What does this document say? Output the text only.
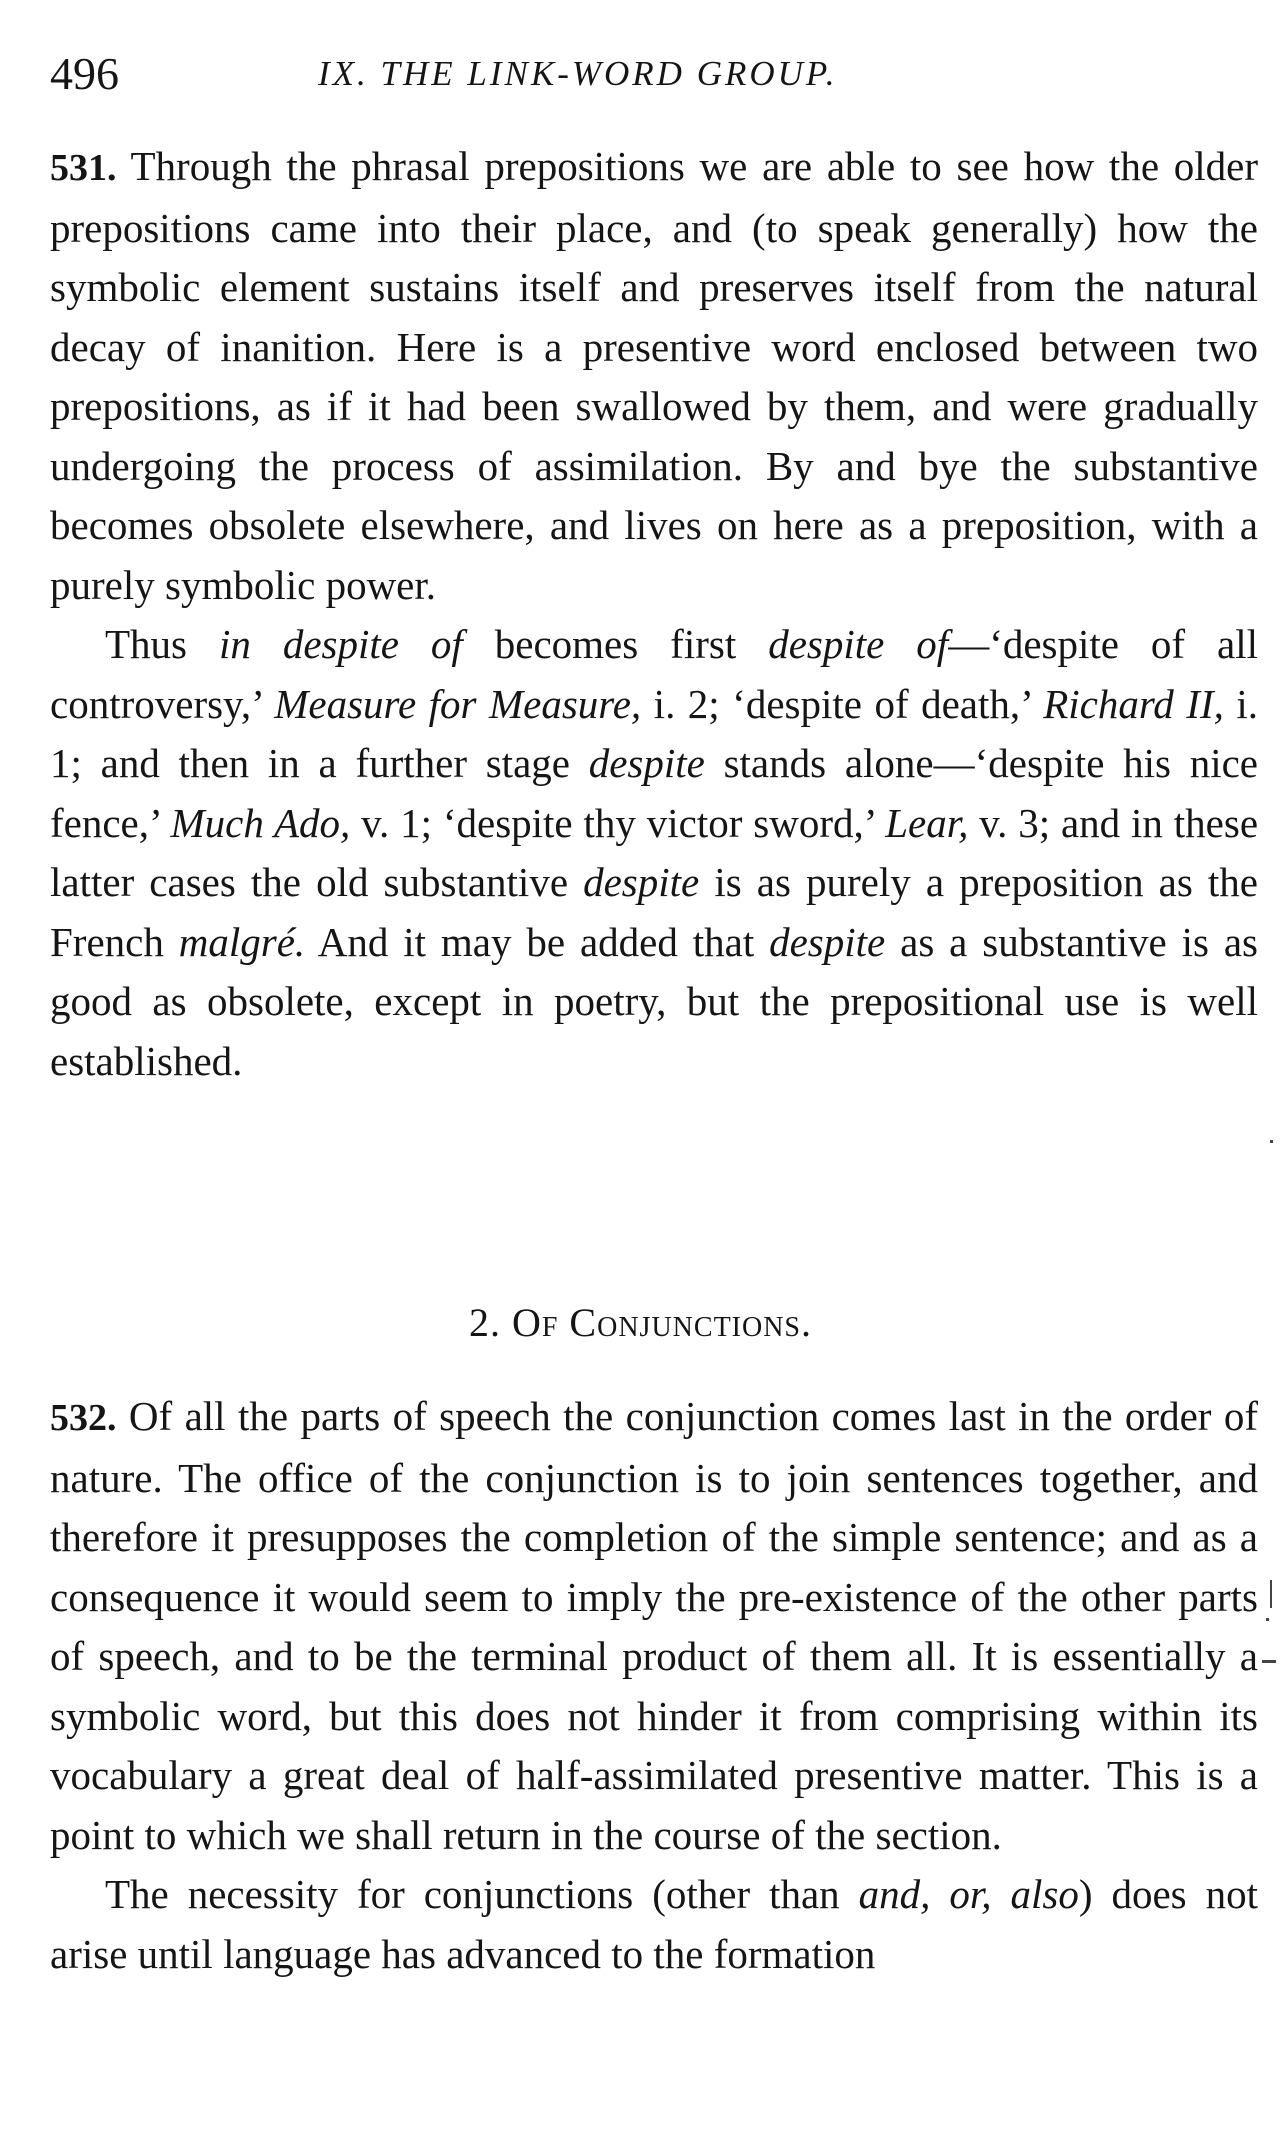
496	IX. THE LINK-WORD GROUP.

531. Through the phrasal prepositions we are able to see how the older prepositions came into their place, and (to speak generally) how the symbolic element sustains itself and preserves itself from the natural decay of inanition. Here is a presentive word enclosed between two prepositions, as if it had been swallowed by them, and were gradually undergoing the process of assimilation. By and bye the substantive becomes obsolete elsewhere, and lives on here as a preposition, with a purely symbolic power.

Thus in despite of becomes first despite of—‘despite of all controversy,’ Measure for Measure, i. 2; ‘despite of death,’ Richard II, i. 1; and then in a further stage despite stands alone—‘despite his nice fence,’ Much Ado, v. 1; ‘despite thy victor sword,’ Lear, v. 3; and in these latter cases the old substantive despite is as purely a preposition as the French malgré. And it may be added that despite as a substantive is as good as obsolete, except in poetry, but the prepositional use is well established.

2. Of Conjunctions.

532. Of all the parts of speech the conjunction comes last in the order of nature. The office of the conjunction is to join sentences together, and therefore it presupposes the completion of the simple sentence; and as a consequence it would seem to imply the pre-existence of the other parts of speech, and to be the terminal product of them all. It is essentially a symbolic word, but this does not hinder it from comprising within its vocabulary a great deal of half-assimilated presentive matter. This is a point to which we shall return in the course of the section.

The necessity for conjunctions (other than and, or, also) does not arise until language has advanced to the formation
